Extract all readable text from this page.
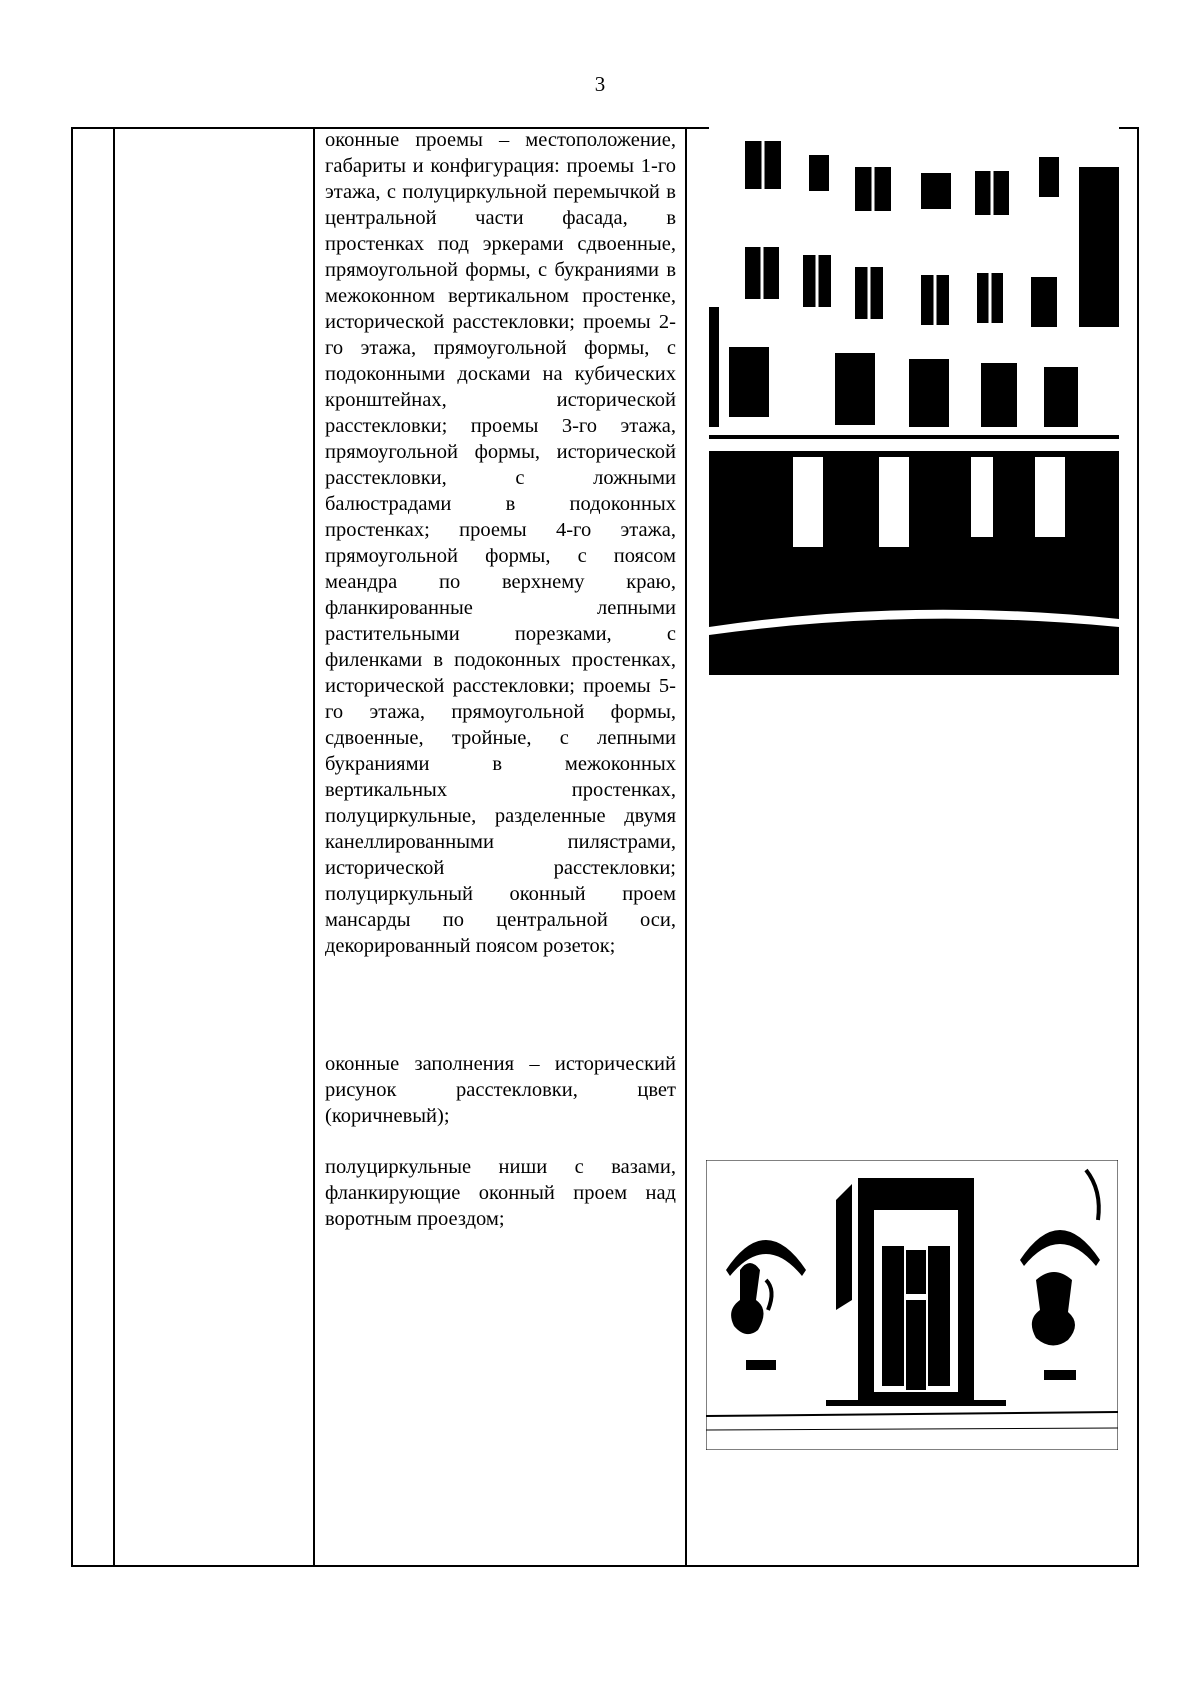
3

оконные проемы – местоположение, габариты и конфигурация: проемы 1-го этажа, с полуциркульной перемычкой в центральной части фасада, в простенках под эркерами сдвоенные, прямоугольной формы, с букраниями в межоконном вертикальном простенке, исторической расстекловки; проемы 2-го этажа, прямоугольной формы, с подоконными досками на кубических кронштейнах, исторической расстекловки; проемы 3-го этажа, прямоугольной формы, исторической расстекловки, с ложными балюстрадами в подоконных простенках; проемы 4-го этажа, прямоугольной формы, с поясом меандра по верхнему краю, фланкированные лепными растительными порезками, с филенками в подоконных простенках, исторической расстекловки; проемы 5-го этажа, прямоугольной формы, сдвоенные, тройные, с лепными букраниями в межоконных вертикальных простенках, полуциркульные, разделенные двумя канеллированными пилястрами, исторической расстекловки; полуциркульный оконный проем мансарды по центральной оси, декорированный поясом розеток;

оконные заполнения – исторический рисунок расстекловки, цвет (коричневый);

полуциркульные ниши с вазами, фланкирующие оконный проем над воротным проездом;
